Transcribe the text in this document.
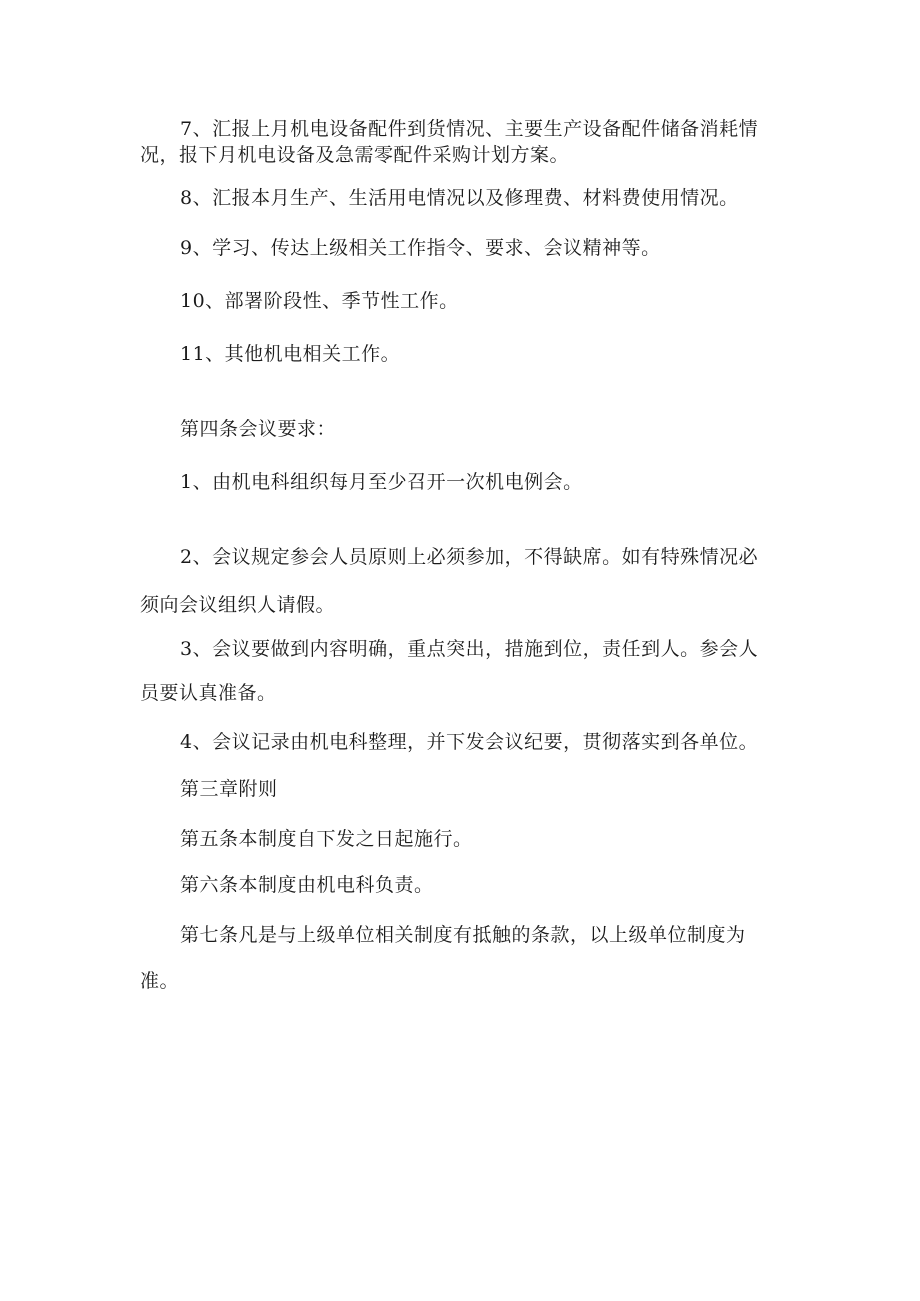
7、汇报上月机电设备配件到货情况、主要生产设备配件储备消耗情
况，报下月机电设备及急需零配件采购计划方案。
8、汇报本月生产、生活用电情况以及修理费、材料费使用情况。
9、学习、传达上级相关工作指令、要求、会议精神等。
10、部署阶段性、季节性工作。
11、其他机电相关工作。
第四条会议要求：
1、由机电科组织每月至少召开一次机电例会。
2、会议规定参会人员原则上必须参加，不得缺席。如有特殊情况必
须向会议组织人请假。
3、会议要做到内容明确，重点突出，措施到位，责任到人。参会人
员要认真准备。
4、会议记录由机电科整理，并下发会议纪要，贯彻落实到各单位。
第三章附则
第五条本制度自下发之日起施行。
第六条本制度由机电科负责。
第七条凡是与上级单位相关制度有抵触的条款，以上级单位制度为
准。
